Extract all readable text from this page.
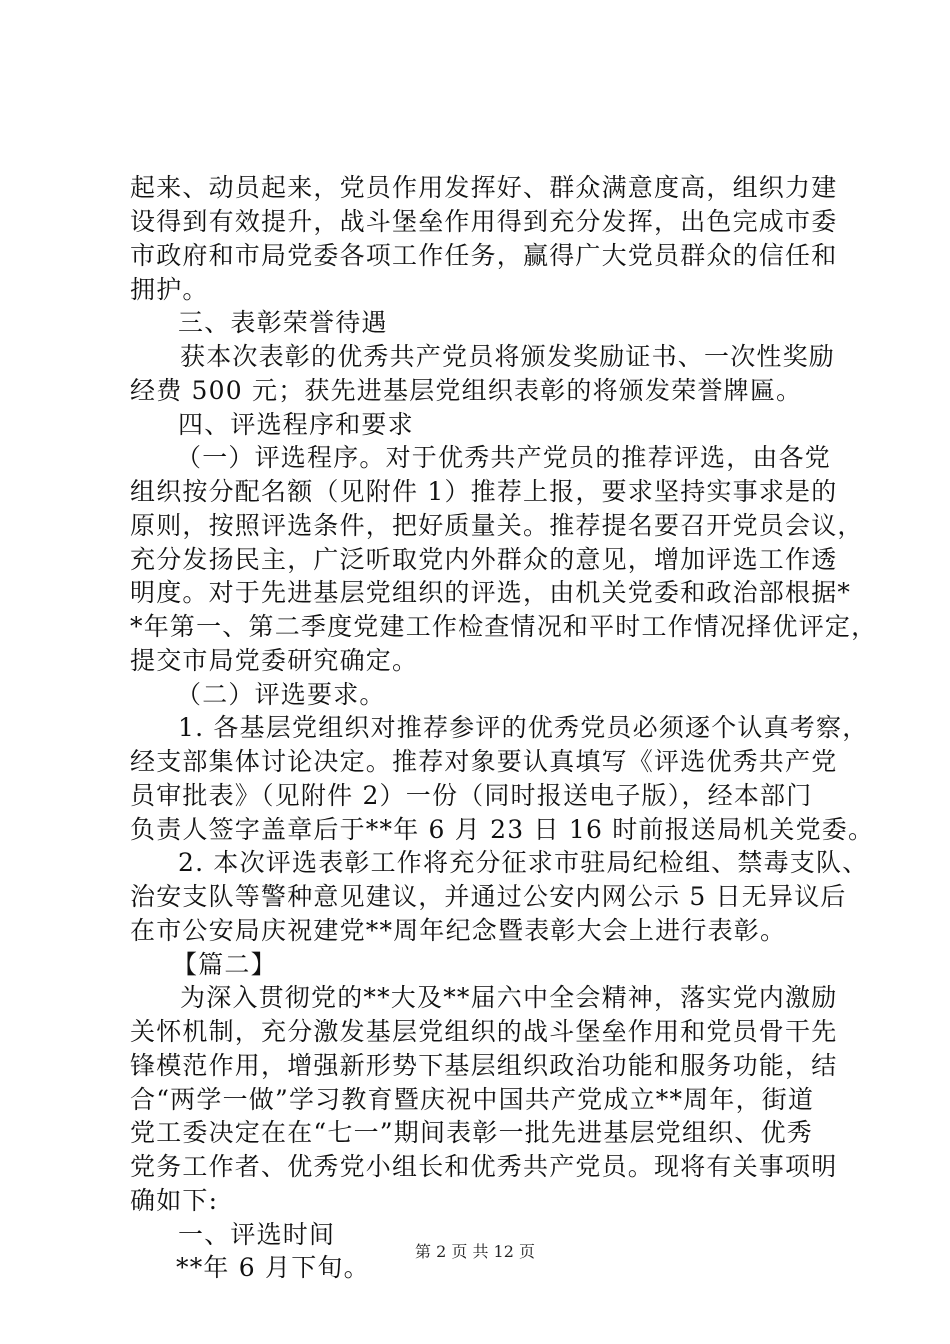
起来、动员起来，党员作用发挥好、群众满意度高，组织力建
设得到有效提升，战斗堡垒作用得到充分发挥，出色完成市委
市政府和市局党委各项工作任务，赢得广大党员群众的信任和
拥护。
三、表彰荣誉待遇
获本次表彰的优秀共产党员将颁发奖励证书、一次性奖励
经费 500 元；获先进基层党组织表彰的将颁发荣誉牌匾。
四、评选程序和要求
（一）评选程序。对于优秀共产党员的推荐评选，由各党
组织按分配名额（见附件 1）推荐上报，要求坚持实事求是的
原则，按照评选条件，把好质量关。推荐提名要召开党员会议，
充分发扬民主，广泛听取党内外群众的意见，增加评选工作透
明度。对于先进基层党组织的评选，由机关党委和政治部根据*
*年第一、第二季度党建工作检查情况和平时工作情况择优评定，
提交市局党委研究确定。
（二）评选要求。
1. 各基层党组织对推荐参评的优秀党员必须逐个认真考察，
经支部集体讨论决定。推荐对象要认真填写《评选优秀共产党
员审批表》（见附件 2）一份（同时报送电子版），经本部门
负责人签字盖章后于**年 6 月 23 日 16 时前报送局机关党委。
2. 本次评选表彰工作将充分征求市驻局纪检组、禁毒支队、
治安支队等警种意见建议，并通过公安内网公示 5 日无异议后
在市公安局庆祝建党**周年纪念暨表彰大会上进行表彰。
【篇二】
为深入贯彻党的**大及**届六中全会精神，落实党内激励
关怀机制，充分激发基层党组织的战斗堡垒作用和党员骨干先
锋模范作用，增强新形势下基层组织政治功能和服务功能，结
合“两学一做”学习教育暨庆祝中国共产党成立**周年，街道
党工委决定在在“七一”期间表彰一批先进基层党组织、优秀
党务工作者、优秀党小组长和优秀共产党员。现将有关事项明
确如下:
一、评选时间
**年 6 月下旬。
第 2 页 共 12 页
